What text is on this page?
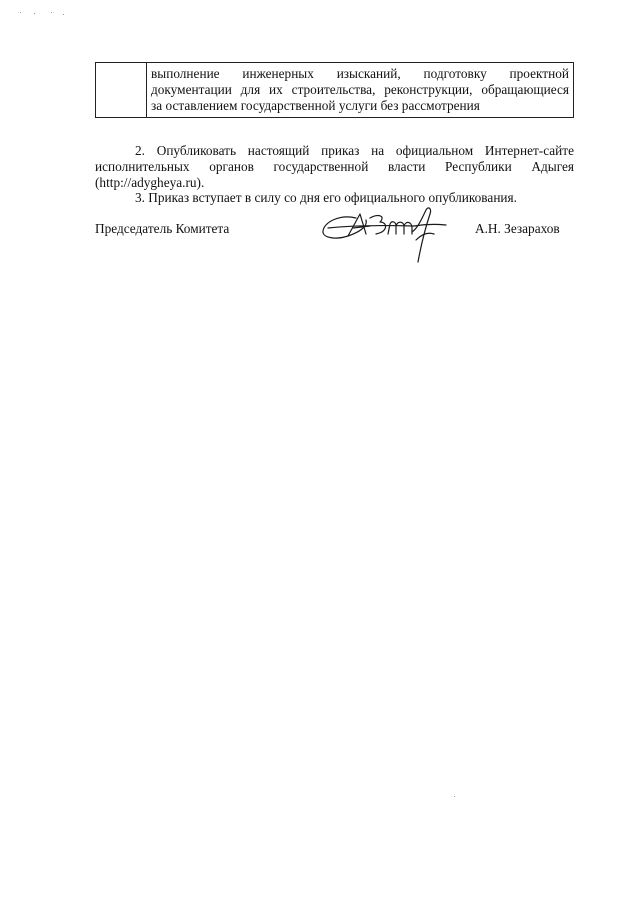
выполнение инженерных изысканий, подготовку проектной
документации для их строительства, реконструкции, обращающиеся
за оставлением государственной услуги без рассмотрения
2. Опубликовать настоящий приказ на официальном Интернет-сайте
исполнительных органов государственной власти Республики Адыгея
(http://adygheya.ru).
3. Приказ вступает в силу со дня его официального опубликования.
Председатель Комитета	А.Н. Зезарахов
